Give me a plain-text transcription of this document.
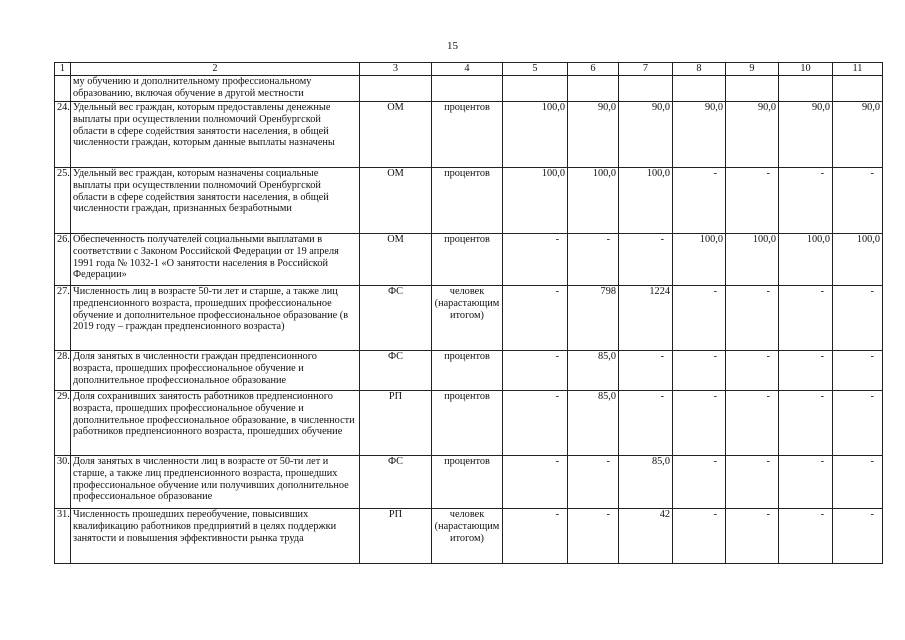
15
1	2	3	4	5	6	7	8	9	10	11
	му обучению и дополнительному профессиональному образованию, включая обучение в другой местности									
24.	Удельный вес граждан, которым предоставлены денежные выплаты при осуществлении полномочий Оренбургской области в сфере содействия занятости населения, в общей численности граждан, которым данные выплаты назначены	ОМ	процентов	100,0	90,0	90,0	90,0	90,0	90,0	90,0
25.	Удельный вес граждан, которым назначены социальные выплаты при осуществлении полномочий Оренбургской области в сфере содействия занятости населения, в общей численности граждан, признанных безработными	ОМ	процентов	100,0	100,0	100,0	-	-	-	-
26.	Обеспеченность получателей социальными выплатами в соответствии с Законом Российской Федерации от 19 апреля 1991 года № 1032-1 «О занятости населения в Российской Федерации»	ОМ	процентов	-	-	-	100,0	100,0	100,0	100,0
27.	Численность лиц в возрасте 50-ти лет и старше, а также лиц предпенсионного возраста, прошедших профессиональное обучение и дополнительное профессиональное образование (в 2019 году – граждан предпенсионного возраста)	ФС	человек (нарастающим итогом)	-	798	1224	-	-	-	-
28.	Доля занятых в численности граждан предпенсионного возраста, прошедших профессиональное обучение и дополнительное профессиональное образование	ФС	процентов	-	85,0	-	-	-	-	-
29.	Доля сохранивших занятость работников предпенсионного возраста, прошедших профессиональное обучение и дополнительное профессиональное образование, в численности работников предпенсионного возраста, прошедших обучение	РП	процентов	-	85,0	-	-	-	-	-
30.	Доля занятых в численности лиц в возрасте от 50-ти лет и старше, а также лиц предпенсионного возраста, прошедших профессиональное обучение или получивших дополнительное профессиональное образование	ФС	процентов	-	-	85,0	-	-	-	-
31.	Численность прошедших переобучение, повысивших квалификацию работников предприятий в целях поддержки занятости и повышения эффективности рынка труда	РП	человек (нарастающим итогом)	-	-	42	-	-	-	-
